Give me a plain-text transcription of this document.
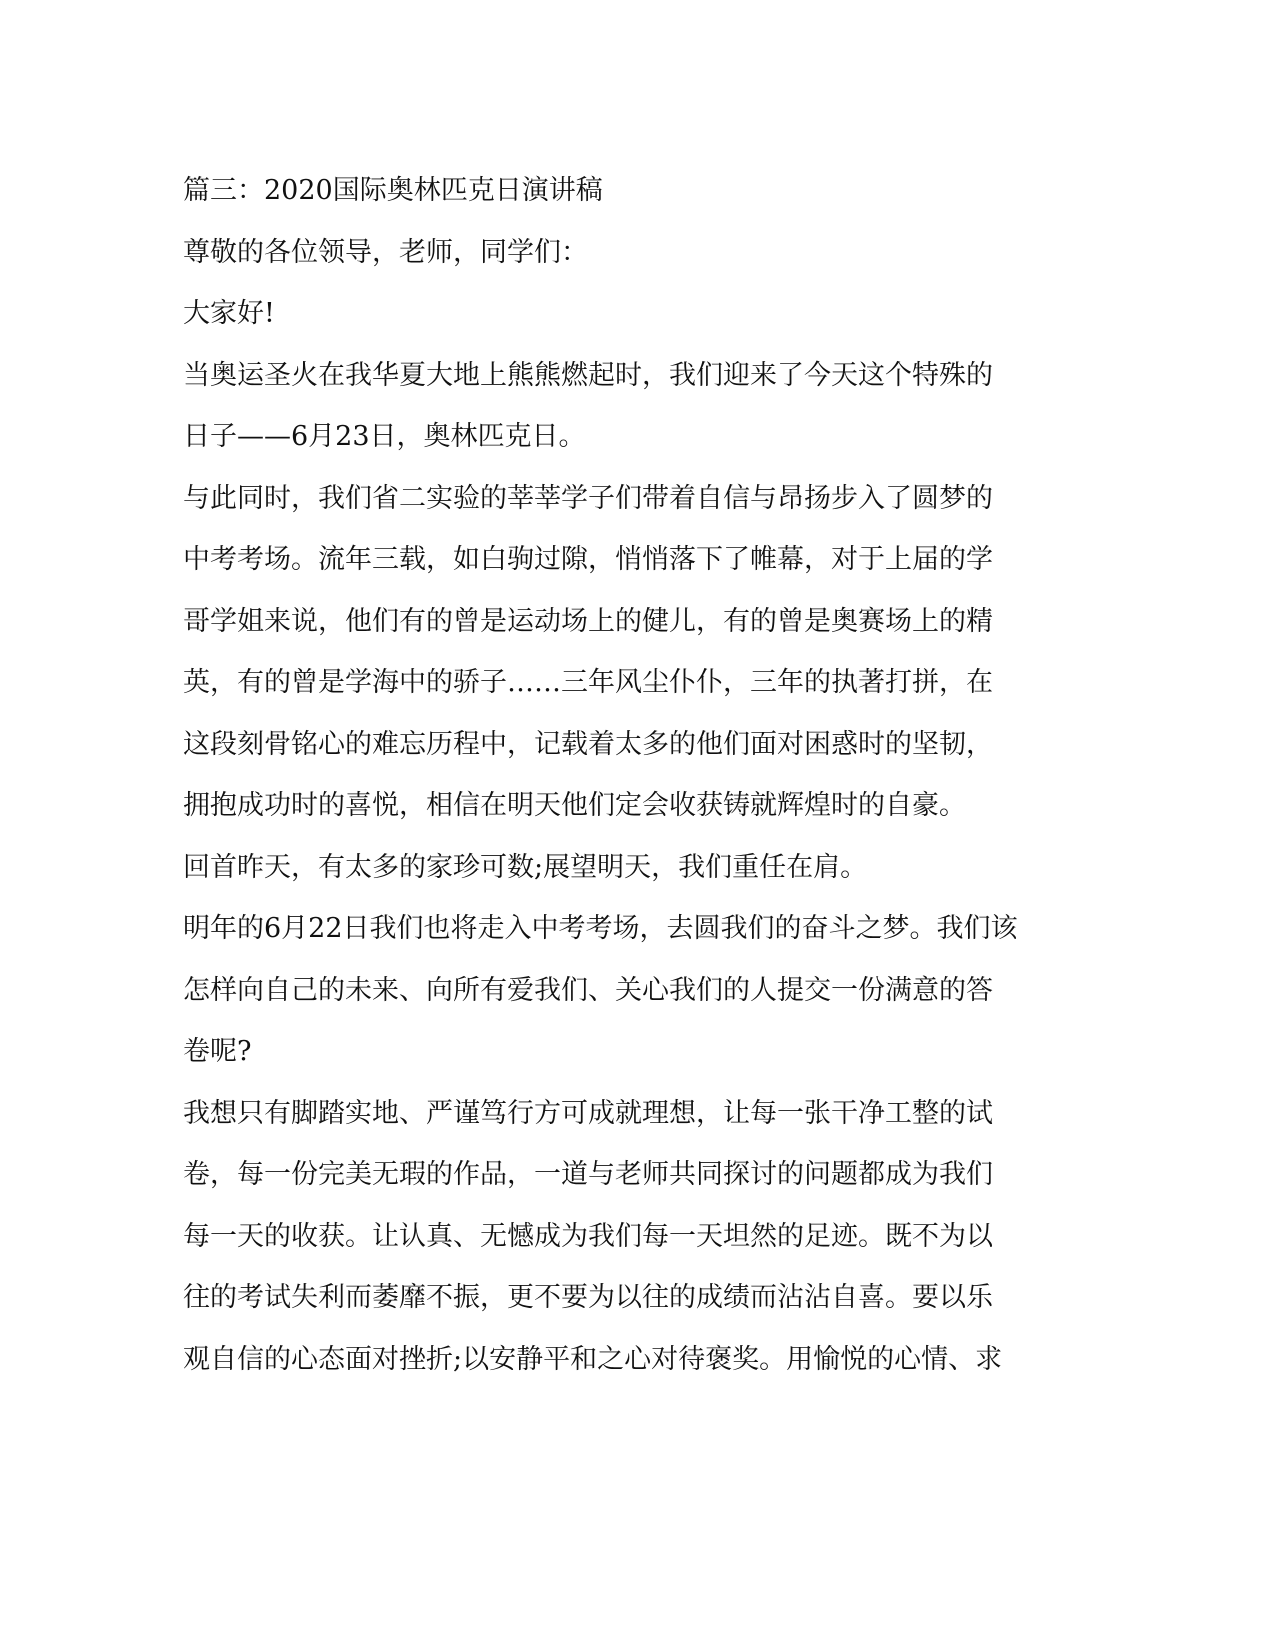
篇三：2020国际奥林匹克日演讲稿
尊敬的各位领导，老师，同学们：
大家好!
当奥运圣火在我华夏大地上熊熊燃起时，我们迎来了今天这个特殊的
日子——6月23日，奥林匹克日。
与此同时，我们省二实验的莘莘学子们带着自信与昂扬步入了圆梦的
中考考场。流年三载，如白驹过隙，悄悄落下了帷幕，对于上届的学
哥学姐来说，他们有的曾是运动场上的健儿，有的曾是奥赛场上的精
英，有的曾是学海中的骄子……三年风尘仆仆，三年的执著打拼，在
这段刻骨铭心的难忘历程中，记载着太多的他们面对困惑时的坚韧，
拥抱成功时的喜悦，相信在明天他们定会收获铸就辉煌时的自豪。
回首昨天，有太多的家珍可数;展望明天，我们重任在肩。
明年的6月22日我们也将走入中考考场，去圆我们的奋斗之梦。我们该
怎样向自己的未来、向所有爱我们、关心我们的人提交一份满意的答
卷呢?
我想只有脚踏实地、严谨笃行方可成就理想，让每一张干净工整的试
卷，每一份完美无瑕的作品，一道与老师共同探讨的问题都成为我们
每一天的收获。让认真、无憾成为我们每一天坦然的足迹。既不为以
往的考试失利而萎靡不振，更不要为以往的成绩而沾沾自喜。要以乐
观自信的心态面对挫折;以安静平和之心对待褒奖。用愉悦的心情、求
